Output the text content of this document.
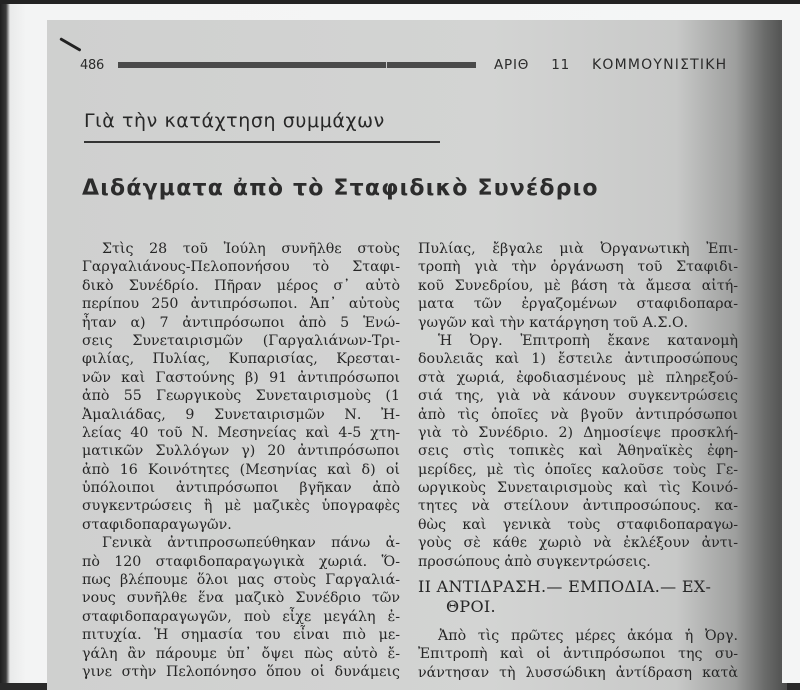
486	ΑΡΙΘ 11 ΚΟΜΜΟΥΝΙΣΤΙΚΗ
Γιὰ τὴν κατάχτηση συμμάχων
Διδάγματα ἀπὸ τὸ Σταφιδικὸ Συνέδριο
Στὶς 28 τοῦ Ἰούλη συνῆλθε στοὺς
Γαργαλιάνους-Πελοπονήσου τὸ Σταφι-
δικὸ Συνέδρίο. Πῆραν μέρος σ᾽ αὐτὸ
περίπου 250 ἀντιπρόσωποι. Ἀπ᾽ αὐτοὺς
ἦταν α) 7 ἀντιπρόσωποι ἀπὸ 5 Ἑνώ-
σεις Συνεταιρισμῶν (Γαργαλιάνων-Τρι-
φιλίας, Πυλίας, Κυπαρισίας, Κρεσται-
νῶν καὶ Γαστούνης β) 91 ἀντιπρόσωποι
ἀπὸ 55 Γεωργικοὺς Συνεταιρισμοὺς (1
Ἀμαλιάδας, 9 Συνεταιρισμῶν Ν. Ἠ-
λείας 40 τοῦ Ν. Μεσηνείας καὶ 4-5 χτη-
ματικῶν Συλλόγων γ) 20 ἀντιπρόσωποι
ἀπὸ 16 Κοινότητες (Μεσηνίας καὶ δ) οἱ
ὑπόλοιποι ἀντιπρόσωποι βγῆκαν ἀπὸ
συγκεντρώσεις ἢ μὲ μαζικὲς ὑπογραφὲς
σταφιδοπαραγωγῶν.
Γενικὰ ἀντιπροσωπεύθηκαν πάνω ἀ-
πὸ 120 σταφιδοπαραγωγικὰ χωριά. Ὅ-
πως βλέπουμε ὅλοι μας στοὺς Γαργαλιά-
νους συνῆλθε ἕνα μαζικὸ Συνέδριο τῶν
σταφιδοπαραγωγῶν, ποὺ εἶχε μεγάλη ἐ-
πιτυχία. Ἡ σημασία του εἶναι πιὸ με-
γάλη ἂν πάρουμε ὑπ᾽ ὄψει πὼς αὐτὸ ἔ-
γινε στὴν Πελοπόνησο ὅπου οἱ δυνάμεις
Πυλίας, ἔβγαλε μιὰ Ὀργανωτικὴ Ἐπι-
τροπὴ γιὰ τὴν ὀργάνωση τοῦ Σταφιδι-
κοῦ Συνεδρίου, μὲ βάση τὰ ἄμεσα αἰτή-
ματα τῶν ἐργαζομένων σταφιδοπαρα-
γωγῶν καὶ τὴν κατάργηση τοῦ Α.Σ.Ο.
Ἡ Ὀργ. Ἐπιτροπὴ ἔκανε κατανομὴ
δουλειᾶς καὶ 1) ἔστειλε ἀντιπροσώπους
στὰ χωριά, ἐφοδιασμένους μὲ πληρεξού-
σιά της, γιὰ νὰ κάνουν συγκεντρώσεις
ἀπὸ τὶς ὁποῖες νὰ βγοῦν ἀντιπρόσωποι
γιὰ τὸ Συνέδριο. 2) Δημοσίεψε προσκλή-
σεις στὶς τοπικὲς καὶ Ἀθηναϊκὲς ἐφη-
μερίδες, μὲ τὶς ὁποῖες καλοῦσε τοὺς Γε-
ωργικοὺς Συνεταιρισμοὺς καὶ τὶς Κοινό-
τητες νὰ στείλουν ἀντιπροσώπους. κα-
θὼς καὶ γενικὰ τοὺς σταφιδοπαραγω-
γοὺς σὲ κάθε χωριὸ νὰ ἐκλέξουν ἀντι-
προσώπους ἀπὸ συγκεντρώσεις.
ΙΙ ΑΝΤΙΔΡΑΣΗ.— ΕΜΠΟΔΙΑ.— ΕΧ-
ΘΡΟΙ.
Ἀπὸ τὶς πρῶτες μέρες ἀκόμα ἡ Ὀργ.
Ἐπιτροπὴ καὶ οἱ ἀντιπρόσωποι της συ-
νάντησαν τὴ λυσσώδικη ἀντίδραση κατὰ
